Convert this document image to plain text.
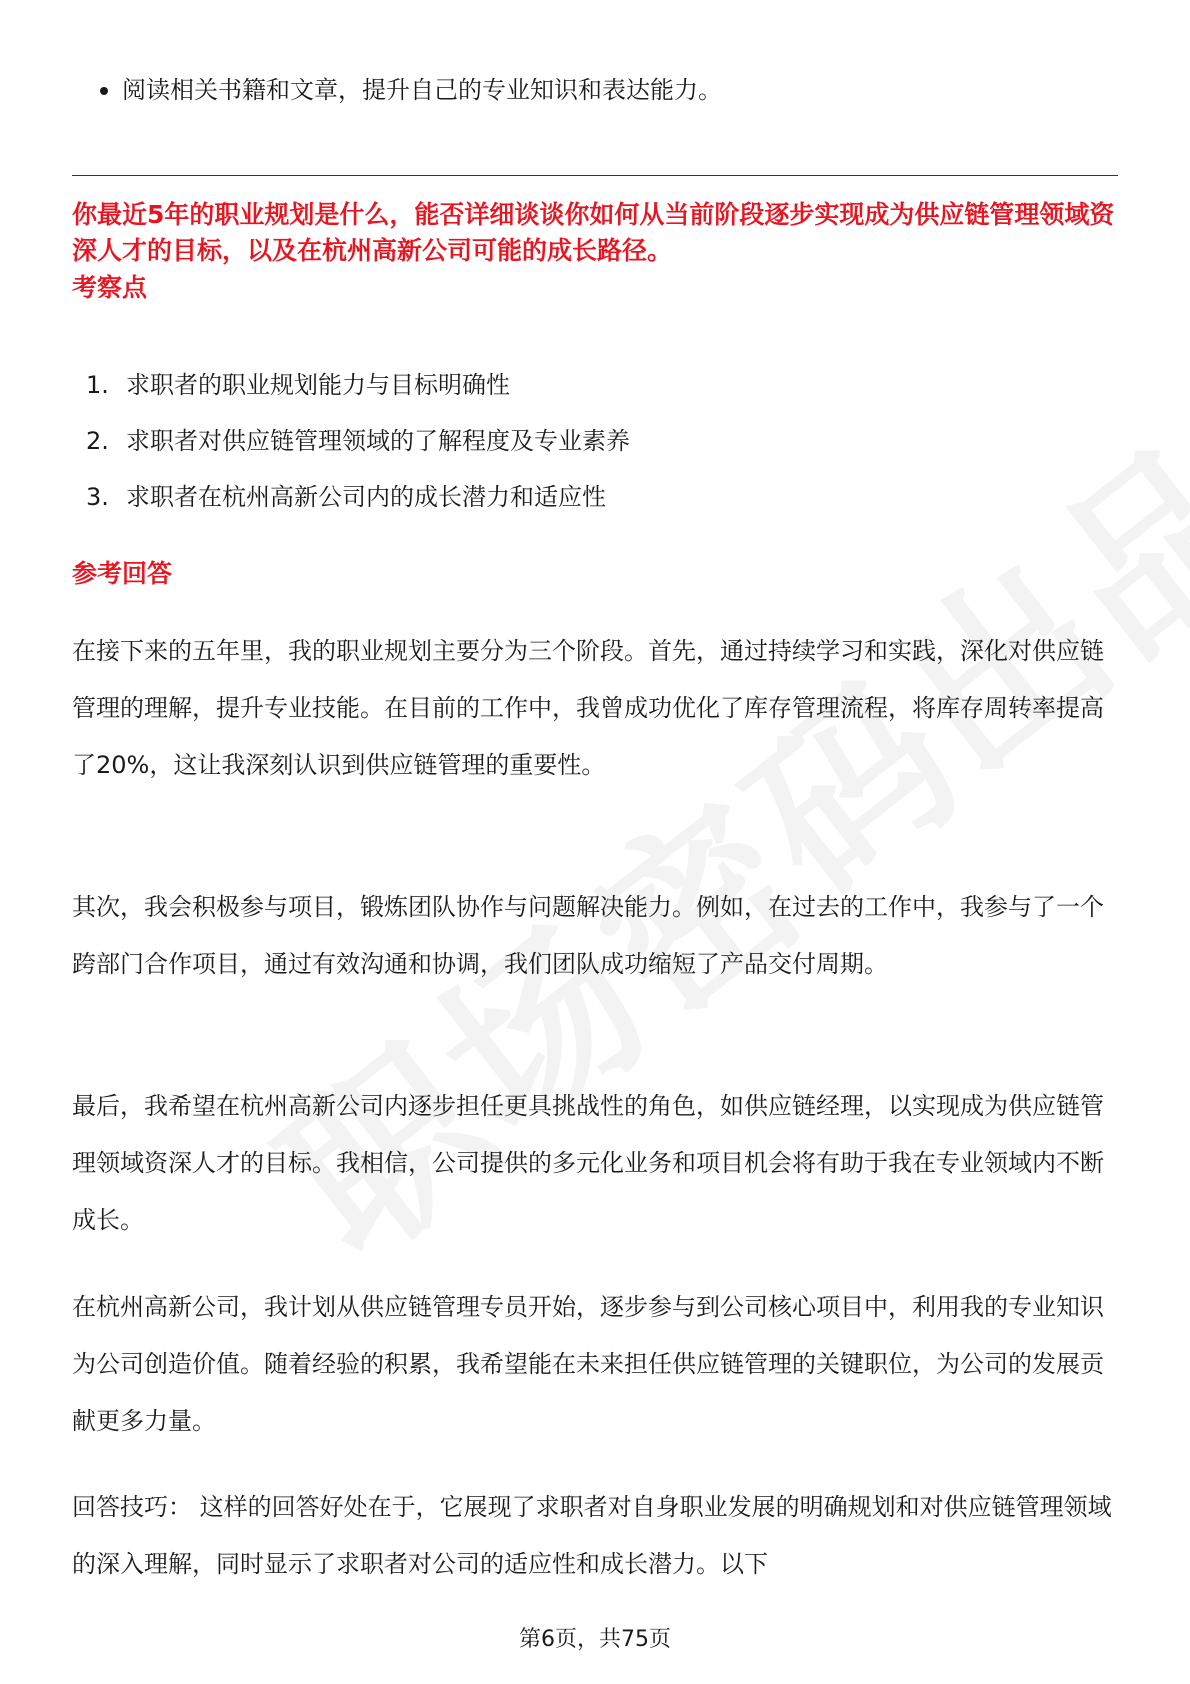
阅读相关书籍和文章，提升自己的专业知识和表达能力。

你最近5年的职业规划是什么，能否详细谈谈你如何从当前阶段逐步实现成为供应链管理领域资深人才的目标，以及在杭州高新公司可能的成长路径。

考察点
1. 求职者的职业规划能力与目标明确性
2. 求职者对供应链管理领域的了解程度及专业素养
3. 求职者在杭州高新公司内的成长潜力和适应性
参考回答

在接下来的五年里，我的职业规划主要分为三个阶段。首先，通过持续学习和实践，深化对供应链管理的理解，提升专业技能。在目前的工作中，我曾成功优化了库存管理流程，将库存周转率提高了20%，这让我深刻认识到供应链管理的重要性。

其次，我会积极参与项目，锻炼团队协作与问题解决能力。例如，在过去的工作中，我参与了一个跨部门合作项目，通过有效沟通和协调，我们团队成功缩短了产品交付周期。

最后，我希望在杭州高新公司内逐步担任更具挑战性的角色，如供应链经理，以实现成为供应链管理领域资深人才的目标。我相信，公司提供的多元化业务和项目机会将有助于我在专业领域内不断成长。

在杭州高新公司，我计划从供应链管理专员开始，逐步参与到公司核心项目中，利用我的专业知识为公司创造价值。随着经验的积累，我希望能在未来担任供应链管理的关键职位，为公司的发展贡献更多力量。

回答技巧： 这样的回答好处在于，它展现了求职者对自身职业发展的明确规划和对供应链管理领域的深入理解，同时显示了求职者对公司的适应性和成长潜力。以下

第6页，共75页
